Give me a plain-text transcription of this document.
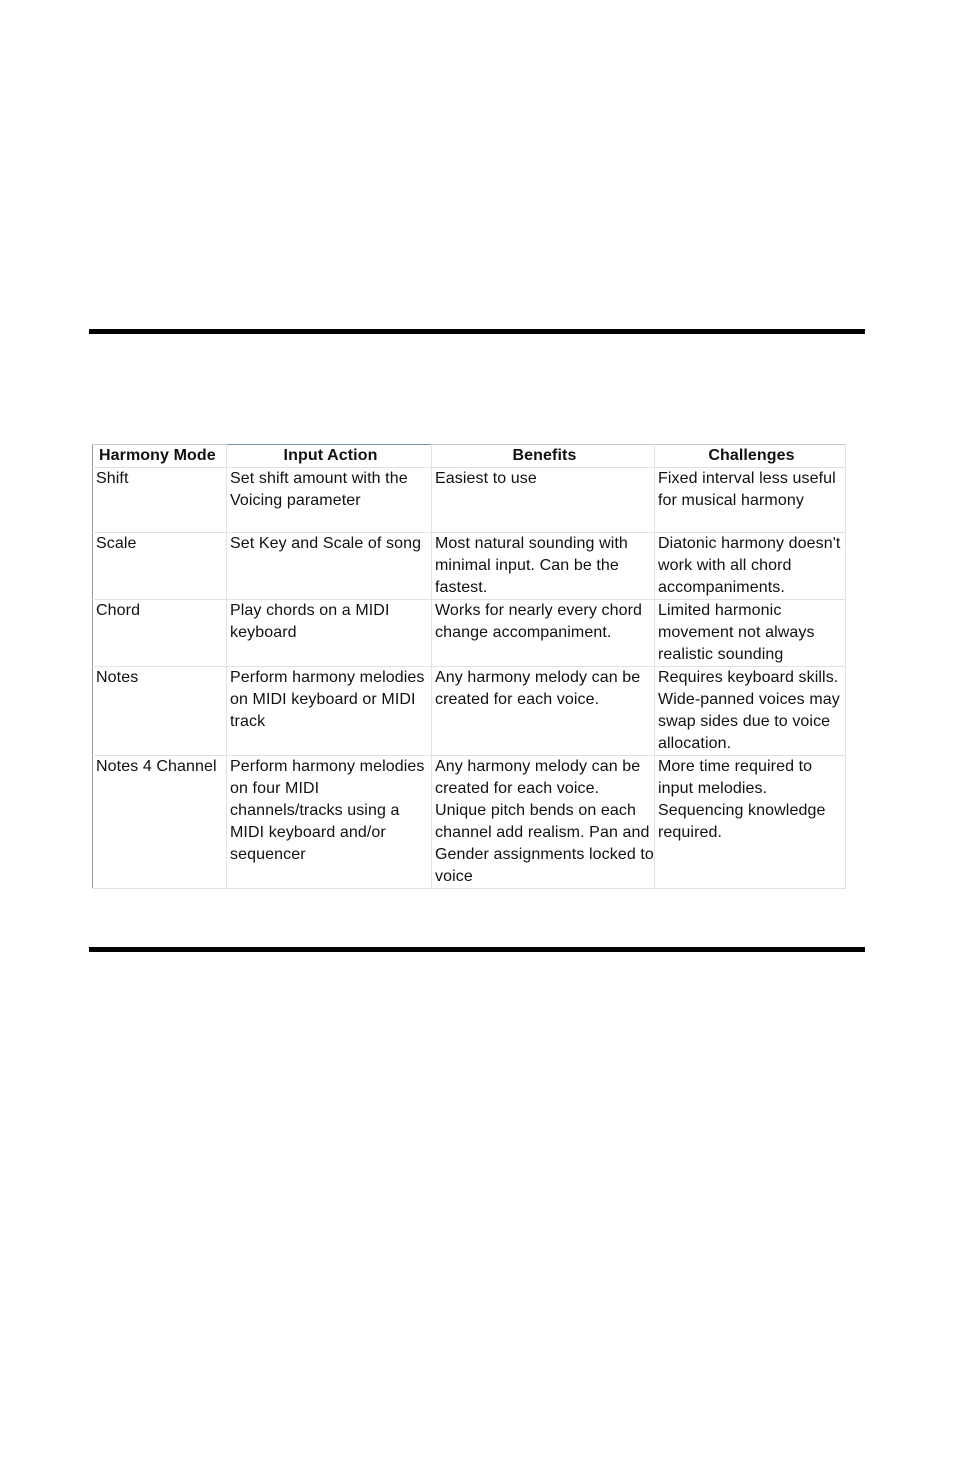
Harmony Mode	Input Action	Benefits	Challenges
Shift	Set shift amount with the Voicing parameter	Easiest to use	Fixed interval less useful for musical harmony
Scale	Set Key and Scale of song	Most natural sounding with minimal input. Can be the fastest.	Diatonic harmony doesn't work with all chord accompaniments.
Chord	Play chords on a MIDI keyboard	Works for nearly every chord change accompaniment.	Limited harmonic movement not always realistic sounding
Notes	Perform harmony melodies on MIDI keyboard or MIDI track	Any harmony melody can be created for each voice.	Requires keyboard skills. Wide-panned voices may swap sides due to voice allocation.
Notes 4 Channel	Perform harmony melodies on four MIDI channels/tracks using a MIDI keyboard and/or sequencer	Any harmony melody can be created for each voice. Unique pitch bends on each channel add realism. Pan and Gender assignments locked to voice	More time required to input melodies. Sequencing knowledge required.
